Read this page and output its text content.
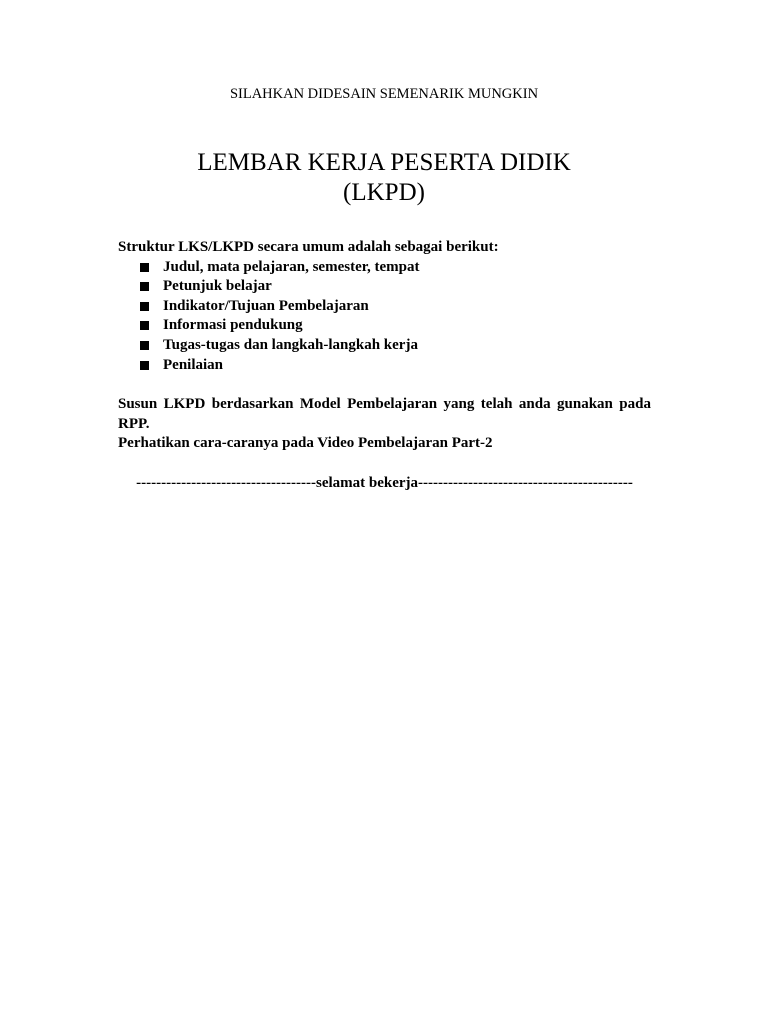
SILAHKAN DIDESAIN SEMENARIK MUNGKIN
LEMBAR KERJA PESERTA DIDIK
(LKPD)

Struktur LKS/LKPD secara umum adalah sebagai berikut:

Judul, mata pelajaran, semester, tempat
Petunjuk belajar
Indikator/Tujuan Pembelajaran
Informasi pendukung
Tugas-tugas dan langkah-langkah kerja
Penilaian

Susun LKPD berdasarkan Model Pembelajaran yang telah anda gunakan pada RPP.

Perhatikan cara-caranya pada Video Pembelajaran Part-2

------------------------------------selamat bekerja-------------------------------------------
